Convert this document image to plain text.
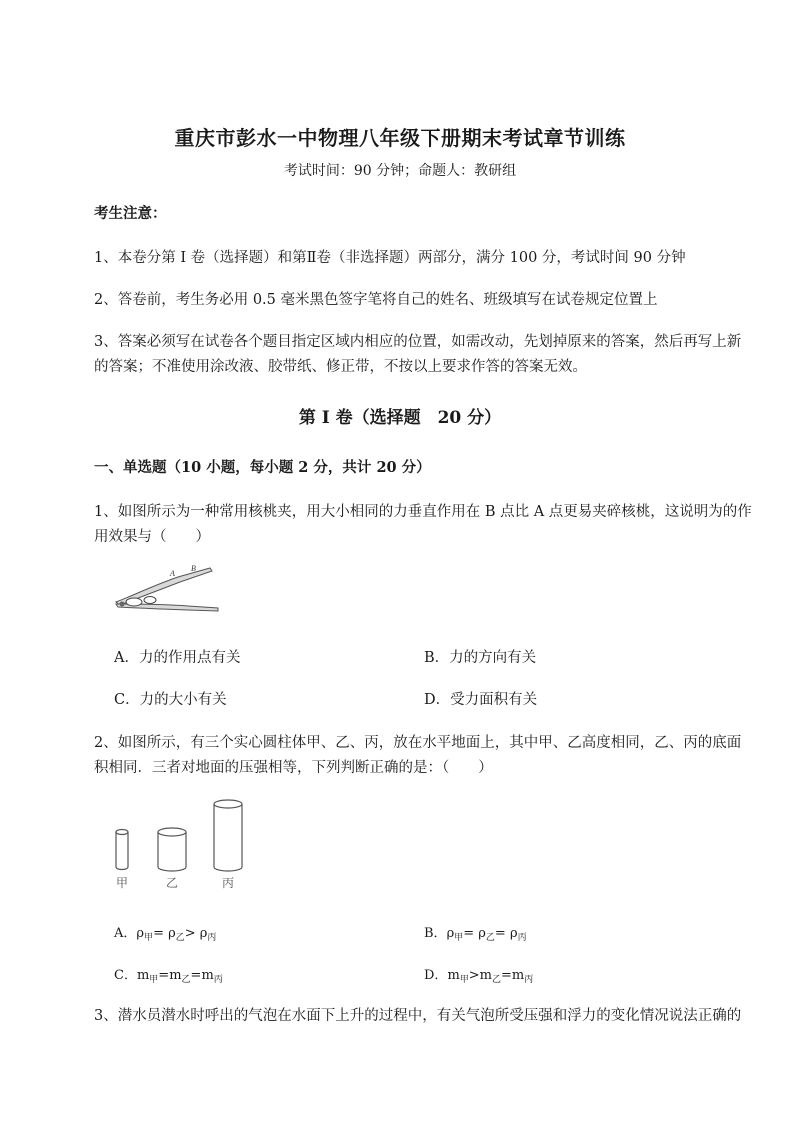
重庆市彭水一中物理八年级下册期末考试章节训练
考试时间：90 分钟；命题人：教研组
考生注意：
1、本卷分第 I 卷（选择题）和第Ⅱ卷（非选择题）两部分，满分 100 分，考试时间 90 分钟
2、答卷前，考生务必用 0.5 毫米黑色签字笔将自己的姓名、班级填写在试卷规定位置上
3、答案必须写在试卷各个题目指定区域内相应的位置，如需改动，先划掉原来的答案，然后再写上新
的答案；不准使用涂改液、胶带纸、修正带，不按以上要求作答的答案无效。
第 I 卷（选择题　20 分）
一、单选题（10 小题，每小题 2 分，共计 20 分）
1、如图所示为一种常用核桃夹，用大小相同的力垂直作用在 B 点比 A 点更易夹碎核桃，这说明为的作
用效果与（　　）
A
B
A．力的作用点有关	B．力的方向有关
C．力的大小有关	D．受力面积有关
2、如图所示，有三个实心圆柱体甲、乙、丙，放在水平地面上，其中甲、乙高度相同，乙、丙的底面
积相同．三者对地面的压强相等，下列判断正确的是：（　　）
甲	乙	丙
A．$\rho_甲= \rho_乙> \rho_丙$	B．$\rho_甲= \rho_乙= \rho_丙$
C．$m_甲=m_乙=m_丙$	D．$m_甲>m_乙=m_丙$
3、潜水员潜水时呼出的气泡在水面下上升的过程中，有关气泡所受压强和浮力的变化情况说法正确的
